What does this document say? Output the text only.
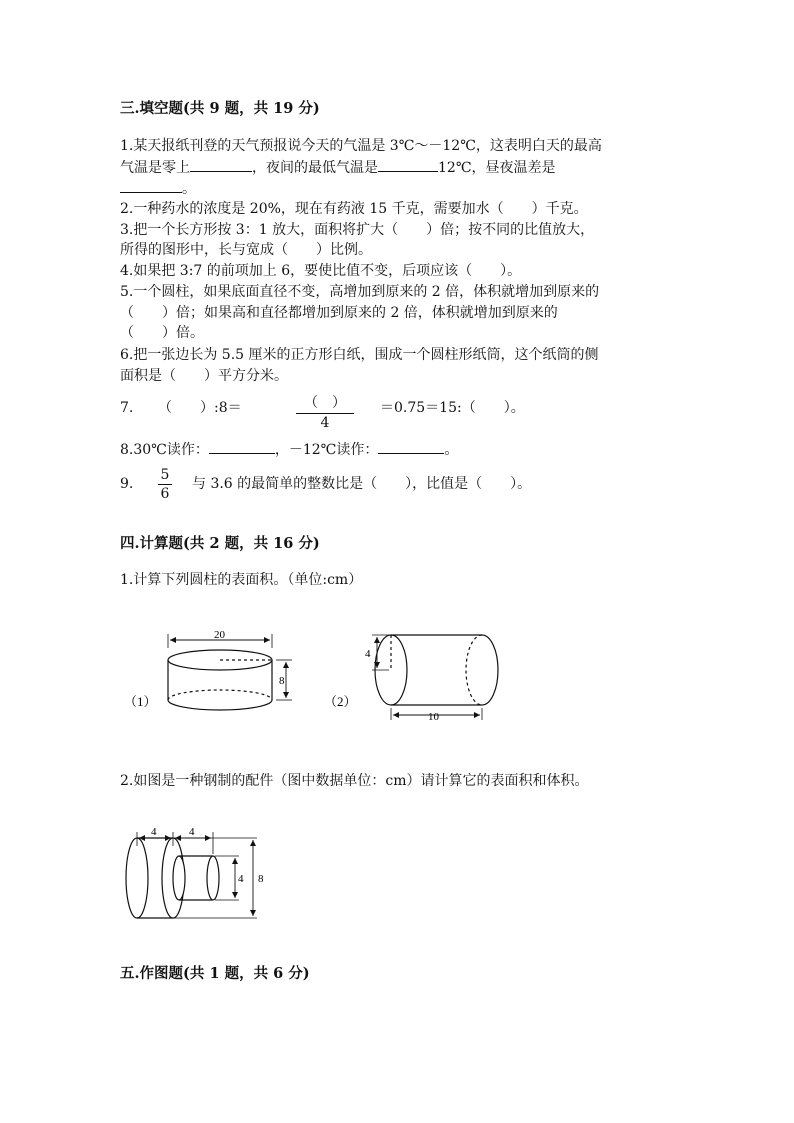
三.填空题(共 9 题，共 19 分)
1.某天报纸刊登的天气预报说今天的气温是 3℃～－12℃，这表明白天的最高
气温是零上	，夜间的最低气温是	12℃，昼夜温差是
。
2.一种药水的浓度是 20%，现在有药液 15 千克，需要加水（　　）千克。
3.把一个长方形按 3：1 放大，面积将扩大（　　）倍；按不同的比值放大，
所得的图形中，长与宽成（　　）比例。
4.如果把 3:7 的前项加上 6，要使比值不变，后项应该（　　）。
5.一个圆柱，如果底面直径不变，高增加到原来的 2 倍，体积就增加到原来的
（　　）倍；如果高和直径都增加到原来的 2 倍，体积就增加到原来的
（　　）倍。
6.把一张边长为 5.5 厘米的正方形白纸，围成一个圆柱形纸筒，这个纸筒的侧
面积是（　　）平方分米。
7. （　　）:8＝	（　）
4
＝0.75＝15:（　　）。
8.30℃读作：	，－12℃读作：	。
9.
5
6
与 3.6 的最简单的整数比是（　　），比值是（　　）。
四.计算题(共 2 题，共 16 分)
1.计算下列圆柱的表面积。（单位:cm）
（1）
20
8
（2）
4
10
2.如图是一种钢制的配件（图中数据单位：cm）请计算它的表面积和体积。
4	4
4 8
五.作图题(共 1 题，共 6 分)
